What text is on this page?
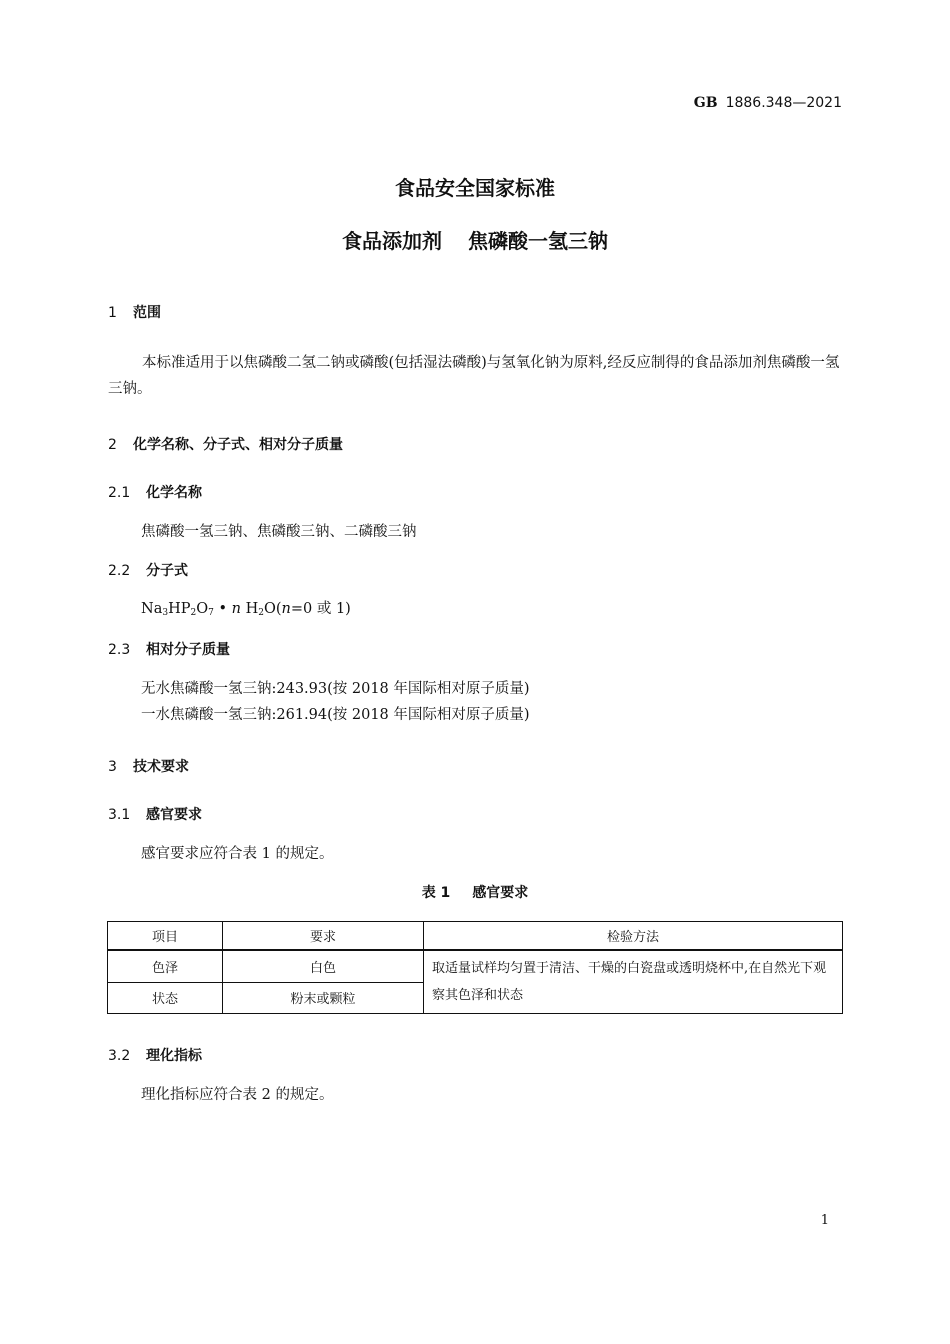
GB 1886.348—2021
食品安全国家标准
食品添加剂 焦磷酸一氢三钠
1 范围
本标准适用于以焦磷酸二氢二钠或磷酸(包括湿法磷酸)与氢氧化钠为原料,经反应制得的食品添加剂焦磷酸一氢三钠。
2 化学名称、分子式、相对分子质量
2.1 化学名称
焦磷酸一氢三钠、焦磷酸三钠、二磷酸三钠
2.2 分子式
$Na_3HP_2O_7$ • n $H_2O(n=0$ 或 1)
2.3 相对分子质量
无水焦磷酸一氢三钠:243.93(按 2018 年国际相对原子质量)
一水焦磷酸一氢三钠:261.94(按 2018 年国际相对原子质量)
3 技术要求
3.1 感官要求
感官要求应符合表 1 的规定。
表 1 感官要求
项目	要求	检验方法
色泽	白色	取适量试样均匀置于清洁、干燥的白瓷盘或透明烧杯中,在自然光下观察其色泽和状态
状态	粉末或颗粒	
3.2 理化指标
理化指标应符合表 2 的规定。
1
